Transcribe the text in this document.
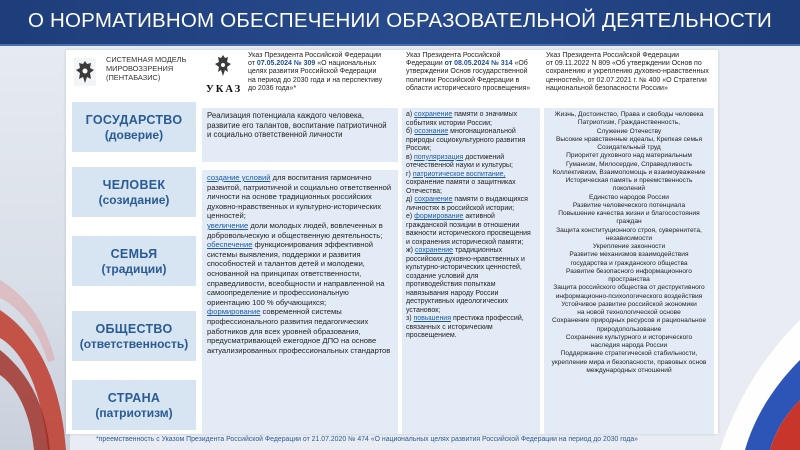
О НОРМАТИВНОМ ОБЕСПЕЧЕНИИ ОБРАЗОВАТЕЛЬНОЙ ДЕЯТЕЛЬНОСТИ
СИСТЕМНАЯ МОДЕЛЬ
МИРОВОЗЗРЕНИЯ
(ПЕНТАБАЗИС)
ГОСУДАРСТВО
(доверие)
ЧЕЛОВЕК
(созидание)
СЕМЬЯ
(традиции)
ОБЩЕСТВО
(ответственность)
СТРАНА
(патриотизм)
УКАЗ
Указ Президента Российской Федерации
от 07.05.2024 № 309 «О национальных
целях развития Российской Федерации
на период до 2030 года и на перспективу
до 2036 года»*

Реализация потенциала каждого человека, развитие его талантов, воспитание патриотичной и социально ответственной личности

создание условий для воспитания гармонично развитой, патриотичной и социально ответственной личности на основе традиционных российских духовно-нравственных и культурно-исторических ценностей;

увеличение доли молодых людей, вовлеченных в добровольческую и общественную деятельность;

обеспечение функционирования эффективной системы выявления, поддержки и развития способностей и талантов детей и молодежи, основанной на принципах ответственности, справедливости, всеобщности и направленной на самоопределение и профессиональную ориентацию 100 % обучающихся;

формирование современной системы профессионального развития педагогических работников для всех уровней образования, предусматривающей ежегодное ДПО на основе актуализированных профессиональных стандартов

Указ Президента Российской
Федерации от 08.05.2024 № 314 «Об
утверждении Основ государственной
политики Российской Федерации в
области исторического просвещения»

а) сохранение памяти о значимых событиях истории России;

б) осознание многонациональной природы социокультурного развития России;

в) популяризация достижений отечественной науки и культуры;

г) патриотическое воспитание, сохранение памяти о защитниках Отечества;

д) сохранение памяти о выдающихся личностях в российской истории;

е) формирование активной гражданской позиции в отношении важности исторического просвещения и сохранения исторической памяти;

ж) сохранение традиционных российских духовно-нравственных и культурно-исторических ценностей, создание условий для противодействия попыткам навязывания народу России деструктивных идеологических установок;

з) повышения престижа профессий, связанных с историческим просвещением.

Указ Президента Российской Федерации
от 09.11.2022 N 809 «Об утверждении Основ по
сохранению и укреплению духовно-нравственных
ценностей», от 02.07.2021 г. № 400 «О Стратегии
национальной безопасности России»
Жизнь, Достоинство, Права и свободы человека
Патриотизм, Гражданственность,
Служение Отечеству
Высокие нравственные идеалы, Крепкая семья
Созидательный труд
Приоритет духовного над материальным
Гуманизм, Милосердие, Справедливость
Коллективизм, Взаимопомощь и взаимоуважение
Историческая память и преемственность
поколений
Единство народов России
Развитие человеческого потенциала
Повышение качества жизни и благосостояния
граждан
Защита конституционного строя, суверенитета,
независимости
Укрепление законности
Развитие механизмов взаимодействия
государства и гражданского общества
Развитие безопасного информационного
пространства
Защита российского общества от деструктивного
информационно-психологического воздействия
Устойчивое развитие российской экономики
на новой технологической основе
Сохранение природных ресурсов и рациональное
природопользование
Сохранение культурного и исторического
наследия народа России
Поддержание стратегической стабильности,
укрепление мира и безопасности, правовых основ
международных отношений
*преемственность с Указом Президента Российской Федерации от 21.07.2020 № 474 «О национальных целях развития Российской Федерации на период до 2030 года»
